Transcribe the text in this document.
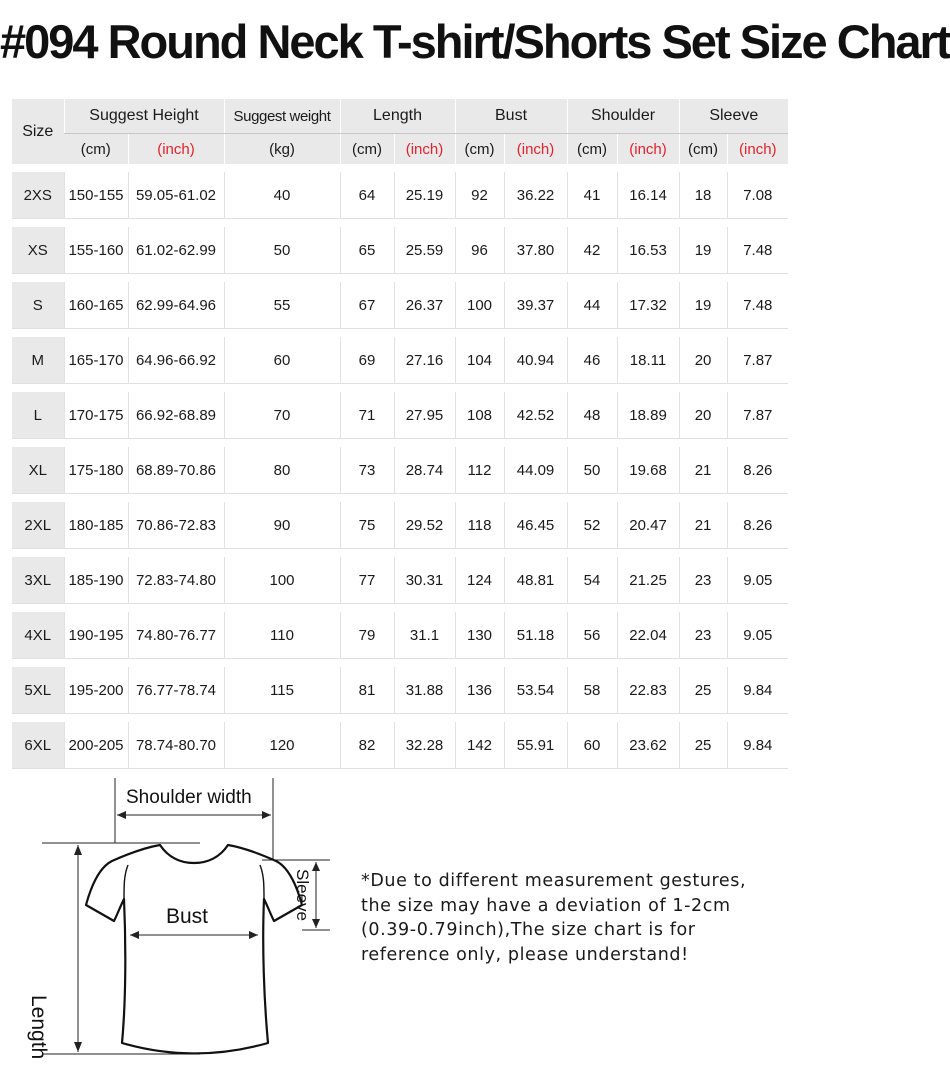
#094 Round Neck T-shirt/Shorts Set Size Chart
Size	Suggest Height		Suggest weight	Length		Bust		Shoulder		Sleeve	
	(cm)	(inch)	(kg)	(cm)	(inch)	(cm)	(inch)	(cm)	(inch)	(cm)	(inch)

2XS	150-155	59.05-61.02	40	64	25.19	92	36.22	41	16.14	18	7.08

XS	155-160	61.02-62.99	50	65	25.59	96	37.80	42	16.53	19	7.48

S	160-165	62.99-64.96	55	67	26.37	100	39.37	44	17.32	19	7.48

M	165-170	64.96-66.92	60	69	27.16	104	40.94	46	18.11	20	7.87

L	170-175	66.92-68.89	70	71	27.95	108	42.52	48	18.89	20	7.87

XL	175-180	68.89-70.86	80	73	28.74	112	44.09	50	19.68	21	8.26

2XL	180-185	70.86-72.83	90	75	29.52	118	46.45	52	20.47	21	8.26

3XL	185-190	72.83-74.80	100	77	30.31	124	48.81	54	21.25	23	9.05

4XL	190-195	74.80-76.77	110	79	31.1	130	51.18	56	22.04	23	9.05

5XL	195-200	76.77-78.74	115	81	31.88	136	53.54	58	22.83	25	9.84

6XL	200-205	78.74-80.70	120	82	32.28	142	55.91	60	23.62	25	9.84

Shoulder width
Bust	Sleeve
Length
*Due to different measurement gestures,
the size may have a deviation of 1-2cm
(0.39-0.79inch),The size chart is for
reference only, please understand!
